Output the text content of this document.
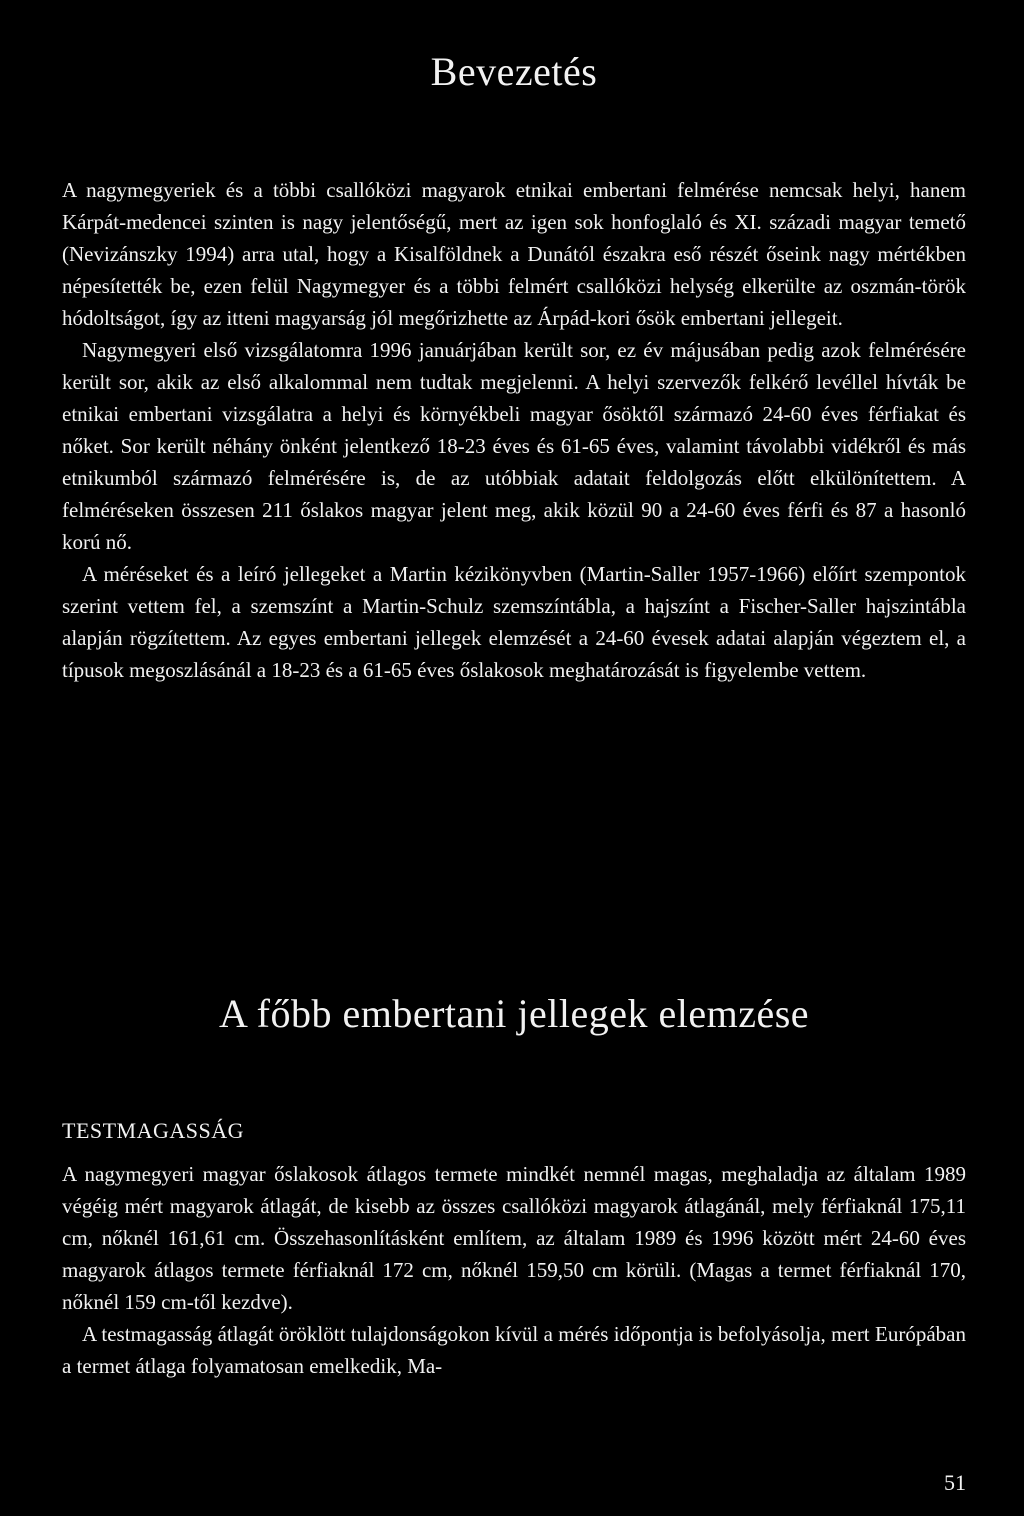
Bevezetés

A nagymegyeriek és a többi csallóközi magyarok etnikai embertani felmérése nemcsak helyi, hanem Kárpát-medencei szinten is nagy jelentőségű, mert az igen sok honfoglaló és XI. századi magyar temető (Nevizánszky 1994) arra utal, hogy a Kisalföldnek a Dunától északra eső részét őseink nagy mértékben népesítették be, ezen felül Nagymegyer és a többi felmért csallóközi helység elkerülte az oszmán-török hódoltságot, így az itteni magyarság jól megőrizhette az Árpád-kori ősök embertani jellegeit.

Nagymegyeri első vizsgálatomra 1996 januárjában került sor, ez év májusában pedig azok felmérésére került sor, akik az első alkalommal nem tudtak megjelenni. A helyi szervezők felkérő levéllel hívták be etnikai embertani vizsgálatra a helyi és környékbeli magyar ősöktől származó 24-60 éves férfiakat és nőket. Sor került néhány önként jelentkező 18-23 éves és 61-65 éves, valamint távolabbi vidékről és más etnikumból származó felmérésére is, de az utóbbiak adatait feldolgozás előtt elkülönítettem. A felméréseken összesen 211 őslakos magyar jelent meg, akik közül 90 a 24-60 éves férfi és 87 a hasonló korú nő.

A méréseket és a leíró jellegeket a Martin kézikönyvben (Martin-Saller 1957-1966) előírt szempontok szerint vettem fel, a szemszínt a Martin-Schulz szemszíntábla, a hajszínt a Fischer-Saller hajszintábla alapján rögzítettem. Az egyes embertani jellegek elemzését a 24-60 évesek adatai alapján végeztem el, a típusok megoszlásánál a 18-23 és a 61-65 éves őslakosok meghatározását is figyelembe vettem.

A főbb embertani jellegek elemzése
TESTMAGASSÁG

A nagymegyeri magyar őslakosok átlagos termete mindkét nemnél magas, meghaladja az általam 1989 végéig mért magyarok átlagát, de kisebb az összes csallóközi magyarok átlagánál, mely férfiaknál 175,11 cm, nőknél 161,61 cm. Összehasonlításként említem, az általam 1989 és 1996 között mért 24-60 éves magyarok átlagos termete férfiaknál 172 cm, nőknél 159,50 cm körüli. (Magas a termet férfiaknál 170, nőknél 159 cm-től kezdve).

A testmagasság átlagát öröklött tulajdonságokon kívül a mérés időpontja is befolyásolja, mert Európában a termet átlaga folyamatosan emelkedik, Ma-

51
